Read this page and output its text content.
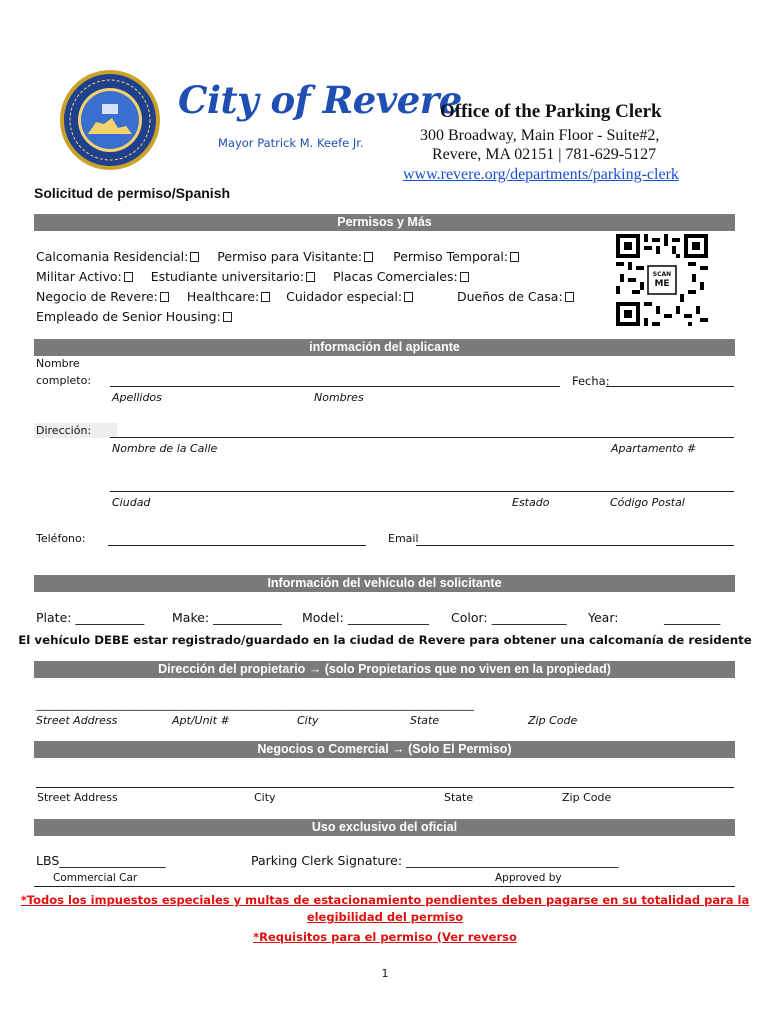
City of Revere
Mayor Patrick M. Keefe Jr.
Office of the Parking Clerk
300 Broadway, Main Floor - Suite#2,
Revere, MA 02151 | 781-629-5127
www.revere.org/departments/parking-clerk
Solicitud de permiso/Spanish
Permisos y Más
Calcomania Residencial: Permiso para Visitante: Permiso Temporal:
Militar Activo: Estudiante universitario: Placas Comerciales:
Negocio de Revere: Healthcare: Cuidador especial:	Dueños de Casa:
Empleado de Senior Housing:
SCAN
ME
información del aplicante
Nombre
completo:	Fecha:
Apellidos	Nombres
Dirección:
Nombre de la Calle	Apartamento #
Ciudad	Estado	Código Postal
Teléfono:	Email
Información del vehículo del solicitante
Plate: ___________ Make: ___________ Model: _____________ Color: ____________ Year:	_________
El vehículo DEBE estar registrado/guardado en la ciudad de Revere para obtener una calcomanía de residente
Dirección del propietario → (solo Propietarios que no viven en la propiedad)
_____________________________________________________________________________________
Street Address	Apt/Unit #	City	State	Zip Code
Negocios o Comercial → (Solo El Permiso)
Street Address	City	State	Zip Code
Uso exclusivo del oficial
LBS_________________	Parking Clerk Signature: __________________________________
Commercial Car	Approved by
*Todos los impuestos especiales y multas de estacionamiento pendientes deben pagarse en su totalidad para la
elegibilidad del permiso
*Requisitos para el permiso (Ver reverso
1
